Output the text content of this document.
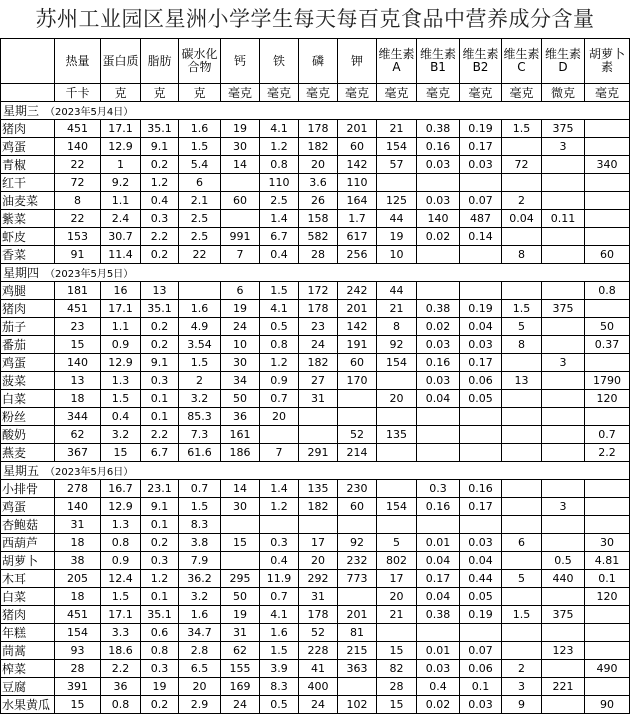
苏州工业园区星洲小学学生每天每百克食品中营养成分含量
	热量	蛋白质	脂肪	碳水化合物	钙	铁	磷	钾	维生素A	维生素B1	维生素B2	维生素C	维生素D	胡萝卜素
	千卡	克	克	克	毫克	毫克	毫克	毫克	毫克	毫克	毫克	毫克	微克	毫克
星期三 （2023年5月4日）														
猪肉	451	17.1	35.1	1.6	19	4.1	178	201	21	0.38	0.19	1.5	375	
鸡蛋	140	12.9	9.1	1.5	30	1.2	182	60	154	0.16	0.17		3	
青椒	22	1	0.2	5.4	14	0.8	20	142	57	0.03	0.03	72		340
红干	72	9.2	1.2	6		110	3.6	110						
油麦菜	8	1.1	0.4	2.1	60	2.5	26	164	125	0.03	0.07	2		
紫菜	22	2.4	0.3	2.5		1.4	158	1.7	44	140	487	0.04	0.11	
虾皮	153	30.7	2.2	2.5	991	6.7	582	617	19	0.02	0.14			
香菜	91	11.4	0.2	22	7	0.4	28	256	10			8		60
星期四 （2023年5月5日）														
鸡腿	181	16	13		6	1.5	172	242	44					0.8
猪肉	451	17.1	35.1	1.6	19	4.1	178	201	21	0.38	0.19	1.5	375	
茄子	23	1.1	0.2	4.9	24	0.5	23	142	8	0.02	0.04	5		50
番茄	15	0.9	0.2	3.54	10	0.8	24	191	92	0.03	0.03	8		0.37
鸡蛋	140	12.9	9.1	1.5	30	1.2	182	60	154	0.16	0.17		3	
菠菜	13	1.3	0.3	2	34	0.9	27	170		0.03	0.06	13		1790
白菜	18	1.5	0.1	3.2	50	0.7	31		20	0.04	0.05			120
粉丝	344	0.4	0.1	85.3	36	20								
酸奶	62	3.2	2.2	7.3	161			52	135					0.7
燕麦	367	15	6.7	61.6	186	7	291	214						2.2
星期五 （2023年5月6日）														
小排骨	278	16.7	23.1	0.7	14	1.4	135	230		0.3	0.16			
鸡蛋	140	12.9	9.1	1.5	30	1.2	182	60	154	0.16	0.17		3	
杏鲍菇	31	1.3	0.1	8.3										
西葫芦	18	0.8	0.2	3.8	15	0.3	17	92	5	0.01	0.03	6		30
胡萝卜	38	0.9	0.3	7.9		0.4	20	232	802	0.04	0.04		0.5	4.81
木耳	205	12.4	1.2	36.2	295	11.9	292	773	17	0.17	0.44	5	440	0.1
白菜	18	1.5	0.1	3.2	50	0.7	31		20	0.04	0.05			120
猪肉	451	17.1	35.1	1.6	19	4.1	178	201	21	0.38	0.19	1.5	375	
年糕	154	3.3	0.6	34.7	31	1.6	52	81						
茼蒿	93	18.6	0.8	2.8	62	1.5	228	215	15	0.01	0.07		123	
榨菜	28	2.2	0.3	6.5	155	3.9	41	363	82	0.03	0.06	2		490
豆腐	391	36	19	20	169	8.3	400		28	0.4	0.1	3	221	
水果黄瓜	15	0.8	0.2	2.9	24	0.5	24	102	15	0.02	0.03	9		90
